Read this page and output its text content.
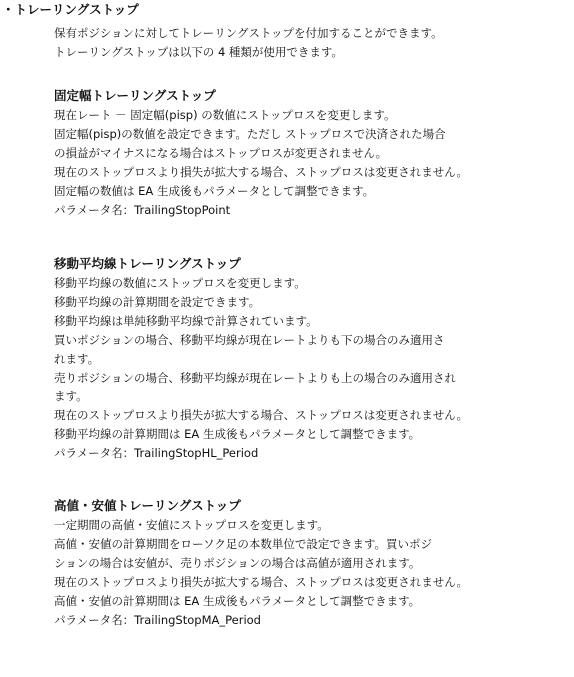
・トレーリングストップ
保有ポジションに対してトレーリングストップを付加することができます。
トレーリングストップは以下の 4 種類が使用できます。
固定幅トレーリングストップ
現在レート － 固定幅(pisp) の数値にストップロスを変更します。
固定幅(pisp)の数値を設定できます。ただし ストップロスで決済された場合
の損益がマイナスになる場合はストップロスが変更されません。
現在のストップロスより損失が拡大する場合、ストップロスは変更されません。
固定幅の数値は EA 生成後もパラメータとして調整できます。
パラメータ名：TrailingStopPoint
移動平均線トレーリングストップ
移動平均線の数値にストップロスを変更します。
移動平均線の計算期間を設定できます。
移動平均線は単純移動平均線で計算されています。
買いポジションの場合、移動平均線が現在レートよりも下の場合のみ適用さ
れます。
売りポジションの場合、移動平均線が現在レートよりも上の場合のみ適用され
ます。
現在のストップロスより損失が拡大する場合、ストップロスは変更されません。
移動平均線の計算期間は EA 生成後もパラメータとして調整できます。
パラメータ名：TrailingStopHL_Period
高値・安値トレーリングストップ
一定期間の高値・安値にストップロスを変更します。
高値・安値の計算期間をローソク足の本数単位で設定できます。買いポジ
ションの場合は安値が、売りポジションの場合は高値が適用されます。
現在のストップロスより損失が拡大する場合、ストップロスは変更されません。
高値・安値の計算期間は EA 生成後もパラメータとして調整できます。
パラメータ名：TrailingStopMA_Period
